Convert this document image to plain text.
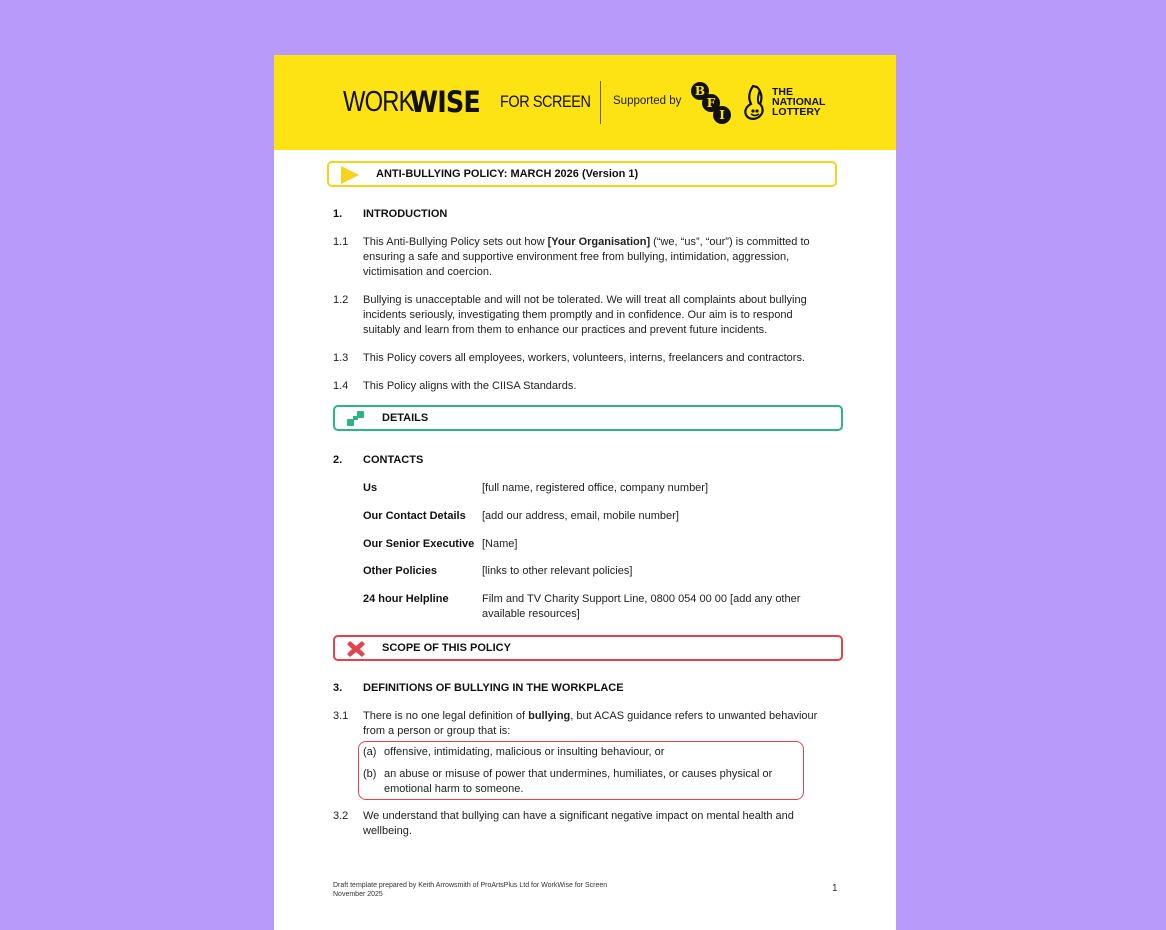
WORK
WISE	FOR SCREEN Supported by
B
F
I
THE
NATIONAL
LOTTERY
ANTI-BULLYING POLICY: MARCH 2026 (Version 1)
1. INTRODUCTION
1.1 This Anti-Bullying Policy sets out how [Your Organisation] (“we, “us”, “our”) is committed to
ensuring a safe and supportive environment free from bullying, intimidation, aggression,
victimisation and coercion.
1.2 Bullying is unacceptable and will not be tolerated. We will treat all complaints about bullying
incidents seriously, investigating them promptly and in confidence. Our aim is to respond
suitably and learn from them to enhance our practices and prevent future incidents.
1.3 This Policy covers all employees, workers, volunteers, interns, freelancers and contractors.
1.4 This Policy aligns with the CIISA Standards.
DETAILS
2. CONTACTS
Us	[full name, registered office, company number]
Our Contact Details [add our address, email, mobile number]
Our Senior Executive [Name]
Other Policies	[links to other relevant policies]
24 hour Helpline	Film and TV Charity Support Line, 0800 054 00 00 [add any other
available resources]
SCOPE OF THIS POLICY
3. DEFINITIONS OF BULLYING IN THE WORKPLACE
3.1 There is no one legal definition of bullying, but ACAS guidance refers to unwanted behaviour
from a person or group that is:
(a) offensive, intimidating, malicious or insulting behaviour, or
(b) an abuse or misuse of power that undermines, humiliates, or causes physical or
emotional harm to someone.
3.2 We understand that bullying can have a significant negative impact on mental health and
wellbeing.
Draft template prepared by Keith Arrowsmith of ProArtsPlus Ltd for WorkWise for Screen
November 2025
1
